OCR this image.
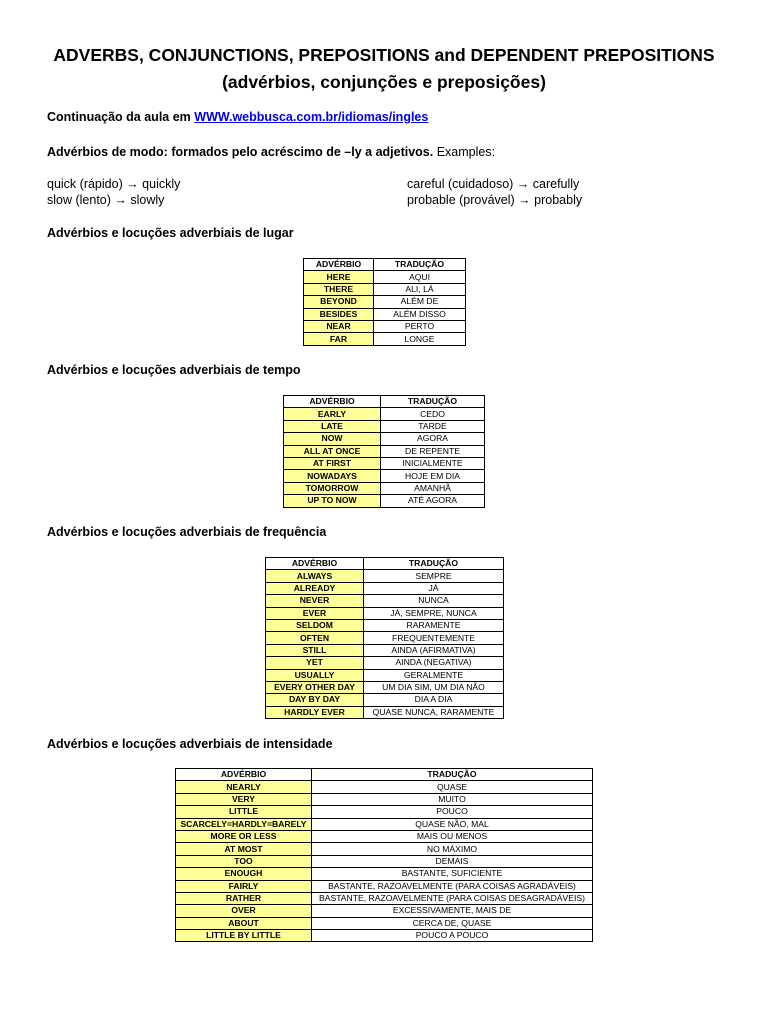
ADVERBS, CONJUNCTIONS, PREPOSITIONS and DEPENDENT PREPOSITIONS
(advérbios, conjunções e preposições)
Continuação da aula em WWW.webbusca.com.br/idiomas/ingles
Advérbios de modo: formados pelo acréscimo de –ly a adjetivos. Examples:
quick (rápido) → quickly
slow (lento) → slowly
careful (cuidadoso) → carefully
probable (provável) → probably
Advérbios e locuções adverbiais de lugar
ADVÉRBIO	TRADUÇÃO
HERE	AQUI
THERE	ALI, LÁ
BEYOND	ALÉM DE
BESIDES	ALÉM DISSO
NEAR	PERTO
FAR	LONGE
Advérbios e locuções adverbiais de tempo
ADVÉRBIO	TRADUÇÃO
EARLY	CEDO
LATE	TARDE
NOW	AGORA
ALL AT ONCE	DE REPENTE
AT FIRST	INICIALMENTE
NOWADAYS	HOJE EM DIA
TOMORROW	AMANHÃ
UP TO NOW	ATÉ AGORA
Advérbios e locuções adverbiais de frequência
ADVÉRBIO	TRADUÇÃO
ALWAYS	SEMPRE
ALREADY	JÁ
NEVER	NUNCA
EVER	JÁ, SEMPRE, NUNCA
SELDOM	RARAMENTE
OFTEN	FREQUENTEMENTE
STILL	AINDA (AFIRMATIVA)
YET	AINDA (NEGATIVA)
USUALLY	GERALMENTE
EVERY OTHER DAY	UM DIA SIM, UM DIA NÃO
DAY BY DAY	DIA A DIA
HARDLY EVER	QUASE NUNCA, RARAMENTE
Advérbios e locuções adverbiais de intensidade
ADVÉRBIO	TRADUÇÃO
NEARLY	QUASE
VERY	MUITO
LITTLE	POUCO
SCARCELY=HARDLY=BARELY	QUASE NÃO, MAL
MORE OR LESS	MAIS OU MENOS
AT MOST	NO MÁXIMO
TOO	DEMAIS
ENOUGH	BASTANTE, SUFICIENTE
FAIRLY	BASTANTE, RAZOAVELMENTE (PARA COISAS AGRADÁVEIS)
RATHER	BASTANTE, RAZOAVELMENTE (PARA COISAS DESAGRADÁVEIS)
OVER	EXCESSIVAMENTE, MAIS DE
ABOUT	CERCA DE, QUASE
LITTLE BY LITTLE	POUCO A POUCO
